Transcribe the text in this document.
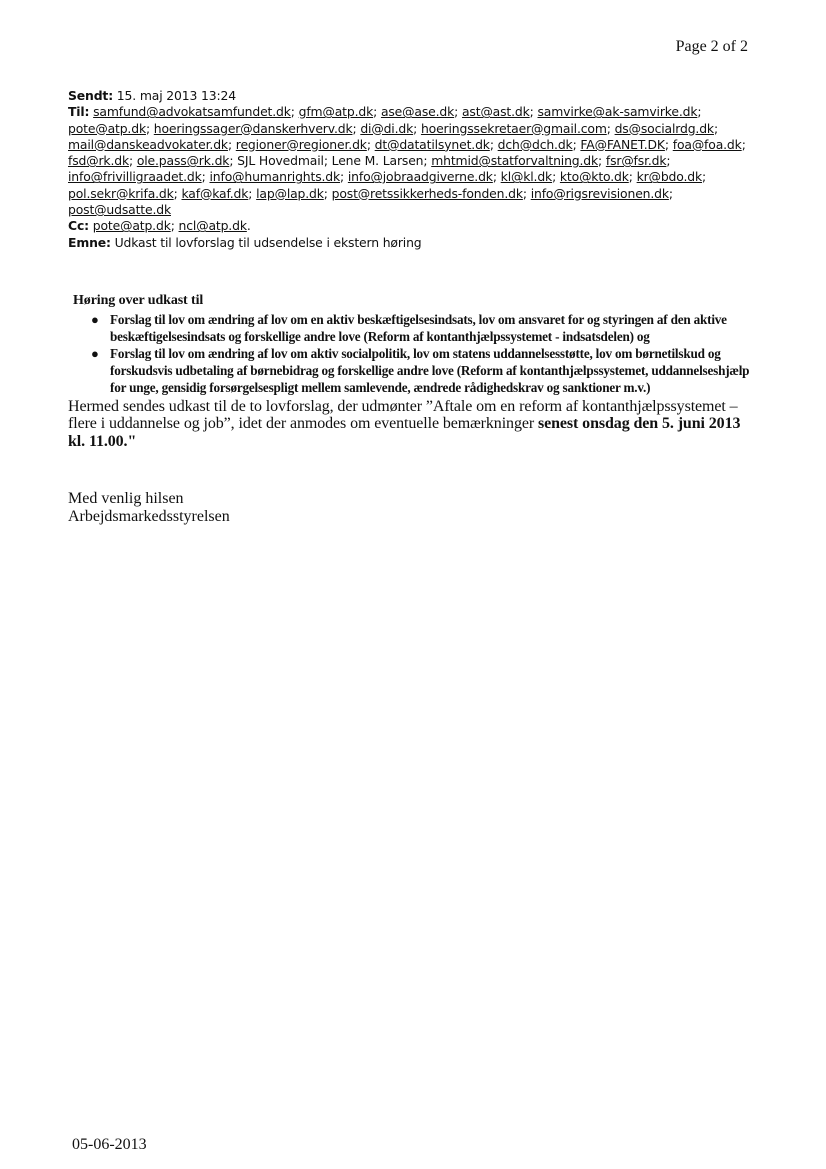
Page 2 of 2
Sendt: 15. maj 2013 13:24
Til: samfund@advokatsamfundet.dk; gfm@atp.dk; ase@ase.dk; ast@ast.dk; samvirke@ak-samvirke.dk; pote@atp.dk; hoeringssager@danskerhverv.dk; di@di.dk; hoeringssekretaer@gmail.com; ds@socialrdg.dk; mail@danskeadvokater.dk; regioner@regioner.dk; dt@datatilsynet.dk; dch@dch.dk; FA@FANET.DK; foa@foa.dk; fsd@rk.dk; ole.pass@rk.dk; SJL Hovedmail; Lene M. Larsen; mhtmid@statforvaltning.dk; fsr@fsr.dk; info@frivilligraadet.dk; info@humanrights.dk; info@jobraadgiverne.dk; kl@kl.dk; kto@kto.dk; kr@bdo.dk; pol.sekr@krifa.dk; kaf@kaf.dk; lap@lap.dk; post@retssikkerheds-fonden.dk; info@rigsrevisionen.dk; post@udsatte.dk
Cc: pote@atp.dk; ncl@atp.dk.
Emne: Udkast til lovforslag til udsendelse i ekstern høring
Høring over udkast til
● Forslag til lov om ændring af lov om en aktiv beskæftigelsesindsats, lov om ansvaret for og styringen af den aktive beskæftigelsesindsats og forskellige andre love (Reform af kontanthjælpssystemet - indsatsdelen) og
● Forslag til lov om ændring af lov om aktiv socialpolitik, lov om statens uddannelsesstøtte, lov om børnetilskud og forskudsvis udbetaling af børnebidrag og forskellige andre love (Reform af kontanthjælpssystemet, uddannelseshjælp for unge, gensidig forsørgelsespligt mellem samlevende, ændrede rådighedskrav og sanktioner m.v.)
Hermed sendes udkast til de to lovforslag, der udmønter ”Aftale om en reform af kontanthjælpssystemet – flere i uddannelse og job”, idet der anmodes om eventuelle bemærkninger senest onsdag den 5. juni 2013 kl. 11.00."
Med venlig hilsen
Arbejdsmarkedsstyrelsen
05-06-2013
